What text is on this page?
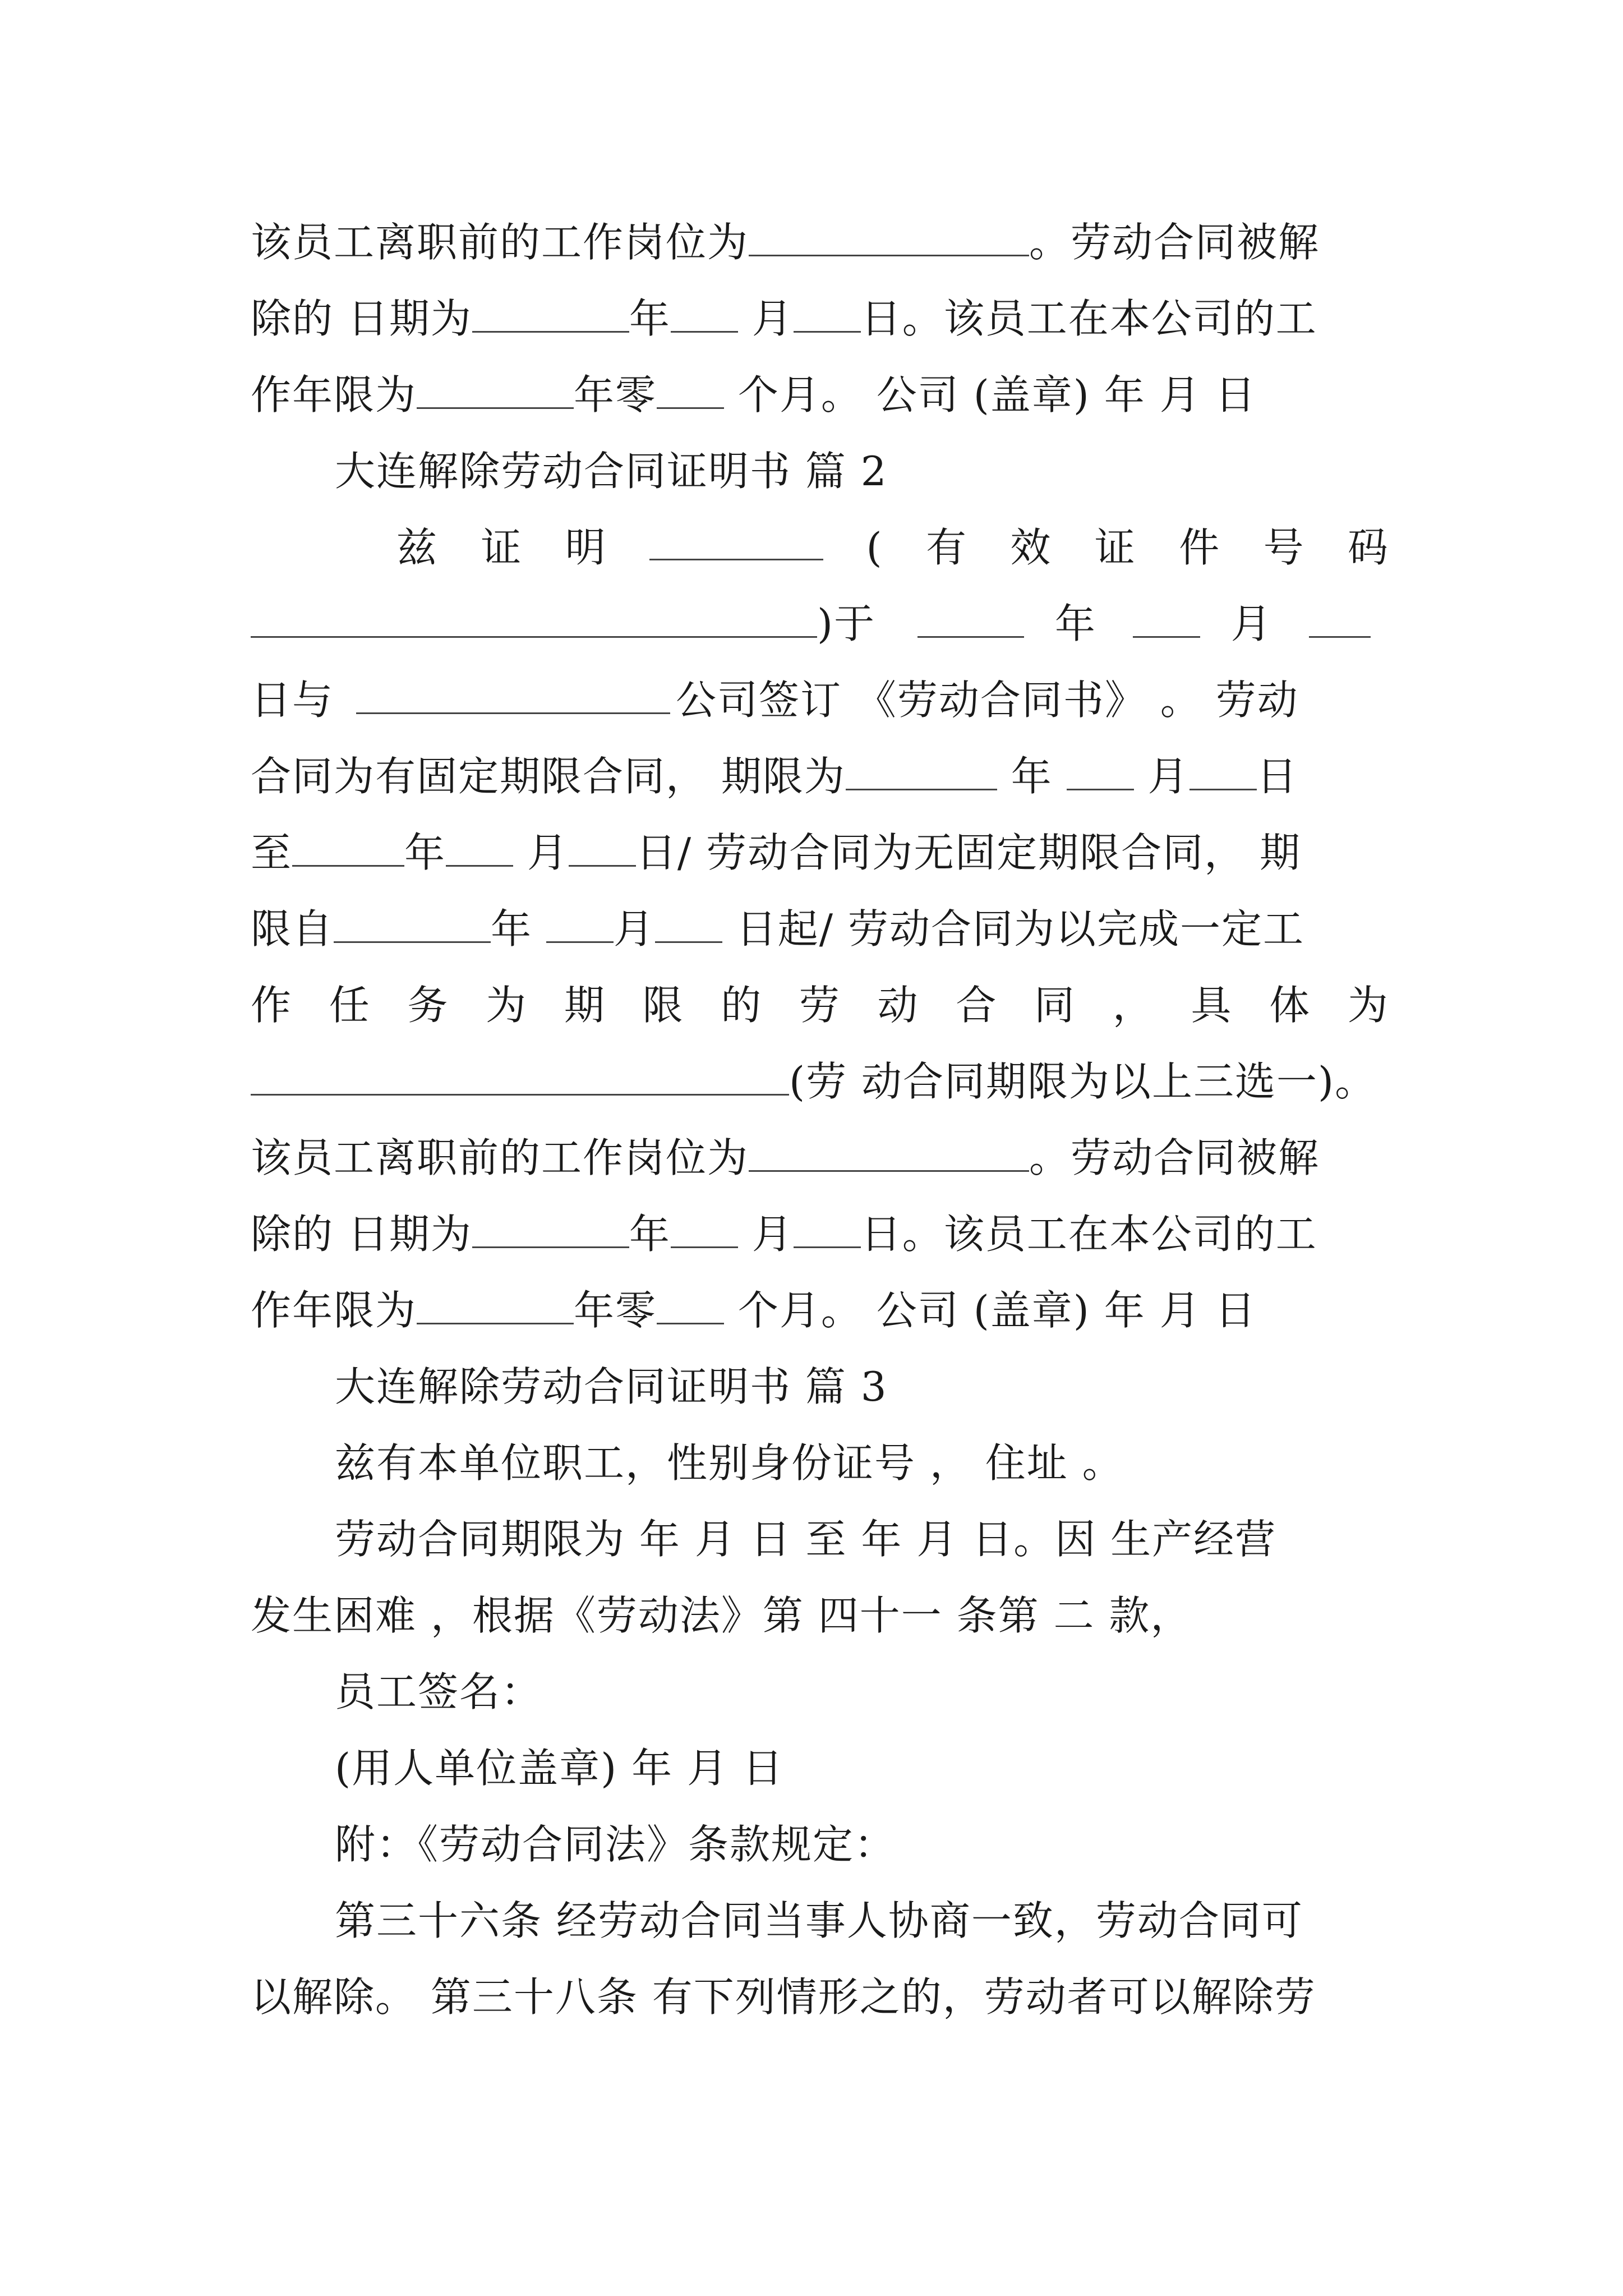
该员工离职前的工作岗位为	。劳动合同被解
除的 日期为	年 月 日。该员工在本公司的工
作年限为	年零 个月。 公司 (盖章) 年 月 日
大连解除劳动合同证明书 篇 2
兹 证 明	( 有 效 证 件 号 码
)于	年	月
日与	公司签订 《劳动合同书》 。 劳动
合同为有固定期限合同， 期限为	年  月 日
至	年 月 日/ 劳动合同为无固定期限合同， 期
限自	年 月 日起/ 劳动合同为以完成一定工
作 任 务 为 期 限 的 劳 动 合 同 ， 具 体 为
(劳 动合同期限为以上三选一)。
该员工离职前的工作岗位为	。劳动合同被解
除的 日期为	年 月 日。该员工在本公司的工
作年限为	年零 个月。 公司 (盖章) 年 月 日
大连解除劳动合同证明书 篇 3
兹有本单位职工，性别身份证号 ， 住址 。
劳动合同期限为 年 月 日 至 年 月 日。因 生产经营
发生困难 ，根据《劳动法》第 四十一 条第 二 款，
员工签名：
(用人单位盖章) 年 月 日
附：《劳动合同法》条款规定：
第三十六条 经劳动合同当事人协商一致，劳动合同可
以解除。 第三十八条 有下列情形之的，劳动者可以解除劳
